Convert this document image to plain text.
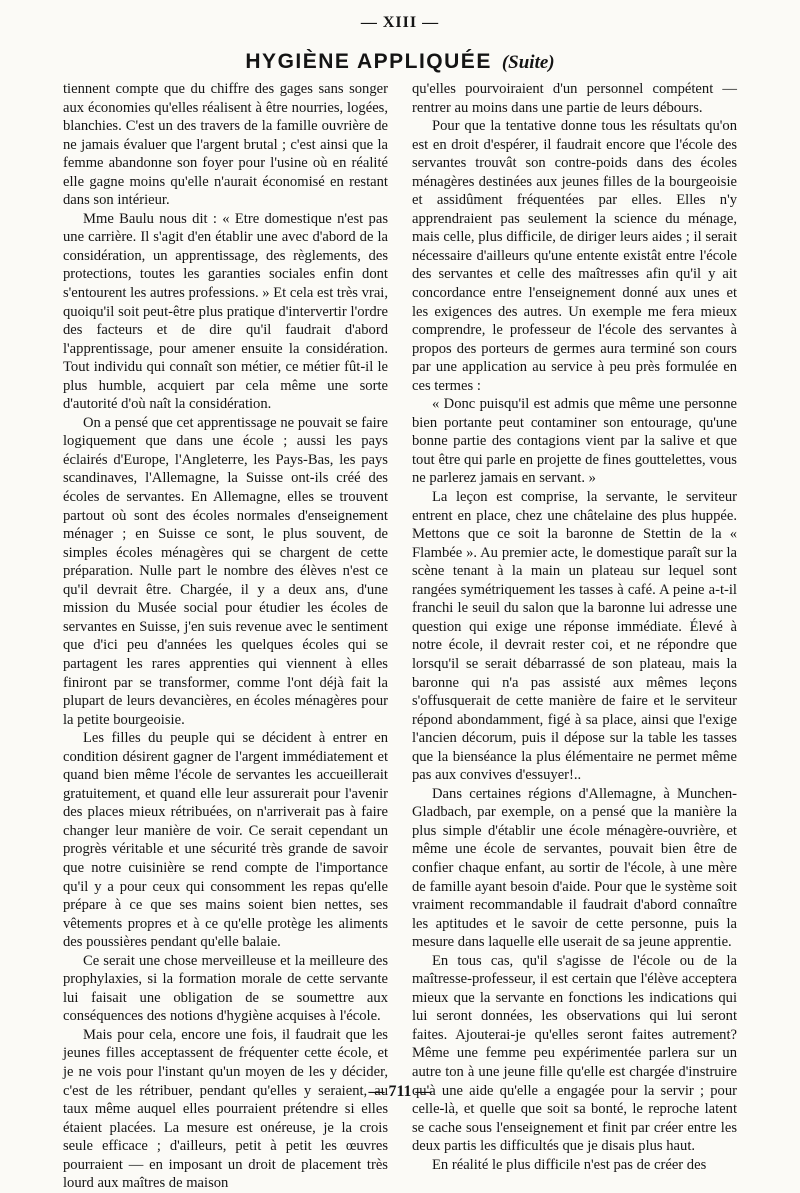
— XIII —
HYGIÈNE APPLIQUÉE (Suite)

tiennent compte que du chiffre des gages sans songer aux économies qu'elles réalisent à être nourries, logées, blanchies. C'est un des travers de la famille ouvrière de ne jamais évaluer que l'argent brutal ; c'est ainsi que la femme abandonne son foyer pour l'usine où en réalité elle gagne moins qu'elle n'aurait économisé en restant dans son intérieur.

Mme Baulu nous dit : « Etre domestique n'est pas une carrière. Il s'agit d'en établir une avec d'abord de la considération, un apprentissage, des règlements, des protections, toutes les garanties sociales enfin dont s'entourent les autres professions. » Et cela est très vrai, quoiqu'il soit peut-être plus pratique d'intervertir l'ordre des facteurs et de dire qu'il faudrait d'abord l'apprentissage, pour amener ensuite la considération. Tout individu qui connaît son métier, ce métier fût-il le plus humble, acquiert par cela même une sorte d'autorité d'où naît la considération.

On a pensé que cet apprentissage ne pouvait se faire logiquement que dans une école ; aussi les pays éclairés d'Europe, l'Angleterre, les Pays-Bas, les pays scandinaves, l'Allemagne, la Suisse ont-ils créé des écoles de servantes. En Allemagne, elles se trouvent partout où sont des écoles normales d'enseignement ménager ; en Suisse ce sont, le plus souvent, de simples écoles ménagères qui se chargent de cette préparation. Nulle part le nombre des élèves n'est ce qu'il devrait être. Chargée, il y a deux ans, d'une mission du Musée social pour étudier les écoles de servantes en Suisse, j'en suis revenue avec le sentiment que d'ici peu d'années les quelques écoles qui se partagent les rares apprenties qui viennent à elles finiront par se transformer, comme l'ont déjà fait la plupart de leurs devancières, en écoles ménagères pour la petite bourgeoisie.

Les filles du peuple qui se décident à entrer en condition désirent gagner de l'argent immédiatement et quand bien même l'école de servantes les accueillerait gratuitement, et quand elle leur assurerait pour l'avenir des places mieux rétribuées, on n'arriverait pas à faire changer leur manière de voir. Ce serait cependant un progrès véritable et une sécurité très grande de savoir que notre cuisinière se rend compte de l'importance qu'il y a pour ceux qui consomment les repas qu'elle prépare à ce que ses mains soient bien nettes, ses vêtements propres et à ce qu'elle protège les aliments des poussières pendant qu'elle balaie.

Ce serait une chose merveilleuse et la meilleure des prophylaxies, si la formation morale de cette servante lui faisait une obligation de se soumettre aux conséquences des notions d'hygiène acquises à l'école.

Mais pour cela, encore une fois, il faudrait que les jeunes filles acceptassent de fréquenter cette école, et je ne vois pour l'instant qu'un moyen de les y décider, c'est de les rétribuer, pendant qu'elles y seraient, au taux même auquel elles pourraient prétendre si elles étaient placées. La mesure est onéreuse, je la crois seule efficace ; d'ailleurs, petit à petit les œuvres pourraient — en imposant un droit de placement très lourd aux maîtres de maison

qu'elles pourvoiraient d'un personnel compétent — rentrer au moins dans une partie de leurs débours.

Pour que la tentative donne tous les résultats qu'on est en droit d'espérer, il faudrait encore que l'école des servantes trouvât son contre-poids dans des écoles ménagères destinées aux jeunes filles de la bourgeoisie et assidûment fréquentées par elles. Elles n'y apprendraient pas seulement la science du ménage, mais celle, plus difficile, de diriger leurs aides ; il serait nécessaire d'ailleurs qu'une entente existât entre l'école des servantes et celle des maîtresses afin qu'il y ait concordance entre l'enseignement donné aux unes et les exigences des autres. Un exemple me fera mieux comprendre, le professeur de l'école des servantes à propos des porteurs de germes aura terminé son cours par une application au service à peu près formulée en ces termes :

« Donc puisqu'il est admis que même une personne bien portante peut contaminer son entourage, qu'une bonne partie des contagions vient par la salive et que tout être qui parle en projette de fines gouttelettes, vous ne parlerez jamais en servant. »

La leçon est comprise, la servante, le serviteur entrent en place, chez une châtelaine des plus huppée. Mettons que ce soit la baronne de Stettin de la « Flambée ». Au premier acte, le domestique paraît sur la scène tenant à la main un plateau sur lequel sont rangées symétriquement les tasses à café. A peine a-t-il franchi le seuil du salon que la baronne lui adresse une question qui exige une réponse immédiate. Élevé à notre école, il devrait rester coi, et ne répondre que lorsqu'il se serait débarrassé de son plateau, mais la baronne qui n'a pas assisté aux mêmes leçons s'offusquerait de cette manière de faire et le serviteur répond abondamment, figé à sa place, ainsi que l'exige l'ancien décorum, puis il dépose sur la table les tasses que la bienséance la plus élémentaire ne permet même pas aux convives d'essuyer!..

Dans certaines régions d'Allemagne, à Munchen-Gladbach, par exemple, on a pensé que la manière la plus simple d'établir une école ménagère-ouvrière, et même une école de servantes, pouvait bien être de confier chaque enfant, au sortir de l'école, à une mère de famille ayant besoin d'aide. Pour que le système soit vraiment recommandable il faudrait d'abord connaître les aptitudes et le savoir de cette personne, puis la mesure dans laquelle elle userait de sa jeune apprentie.

En tous cas, qu'il s'agisse de l'école ou de la maîtresse-professeur, il est certain que l'élève acceptera mieux que la servante en fonctions les indications qui lui seront données, les observations qui lui seront faites. Ajouterai-je qu'elles seront faites autrement? Même une femme peu expérimentée parlera sur un autre ton à une jeune fille qu'elle est chargée d'instruire qu'à une aide qu'elle a engagée pour la servir ; pour celle-là, et quelle que soit sa bonté, le reproche latent se cache sous l'enseignement et finit par créer entre les deux partis les difficultés que je disais plus haut.

En réalité le plus difficile n'est pas de créer des

— 711 —
